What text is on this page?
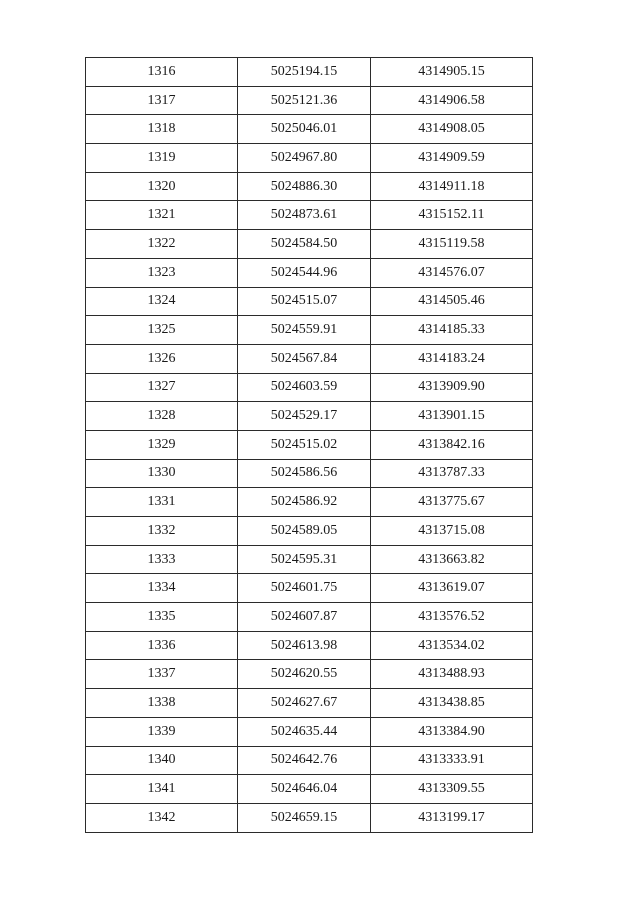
1316	5025194.15	4314905.15
1317	5025121.36	4314906.58
1318	5025046.01	4314908.05
1319	5024967.80	4314909.59
1320	5024886.30	4314911.18
1321	5024873.61	4315152.11
1322	5024584.50	4315119.58
1323	5024544.96	4314576.07
1324	5024515.07	4314505.46
1325	5024559.91	4314185.33
1326	5024567.84	4314183.24
1327	5024603.59	4313909.90
1328	5024529.17	4313901.15
1329	5024515.02	4313842.16
1330	5024586.56	4313787.33
1331	5024586.92	4313775.67
1332	5024589.05	4313715.08
1333	5024595.31	4313663.82
1334	5024601.75	4313619.07
1335	5024607.87	4313576.52
1336	5024613.98	4313534.02
1337	5024620.55	4313488.93
1338	5024627.67	4313438.85
1339	5024635.44	4313384.90
1340	5024642.76	4313333.91
1341	5024646.04	4313309.55
1342	5024659.15	4313199.17
